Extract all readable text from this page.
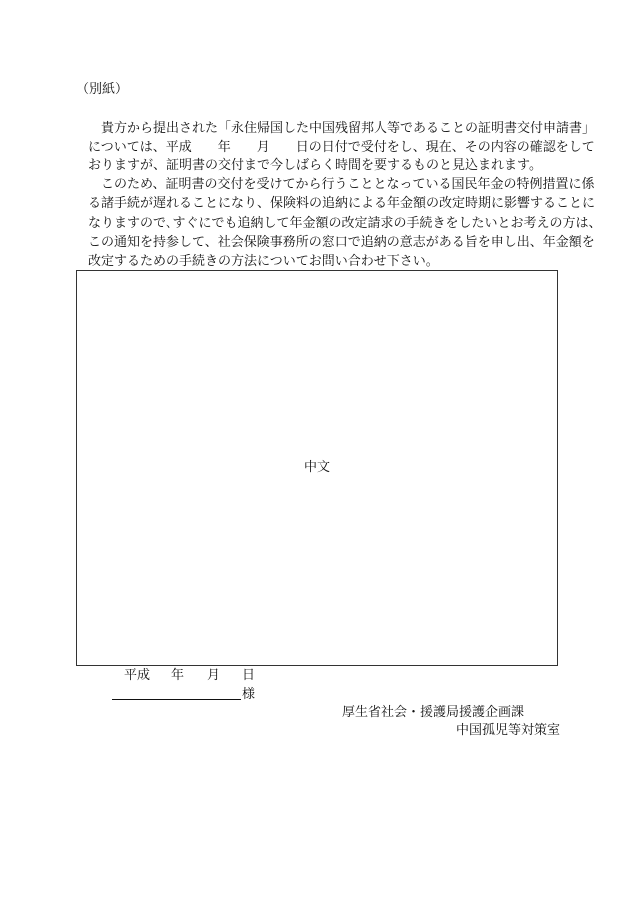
（別紙）
　貴方から提出された「永住帰国した中国残留邦人等であることの証明書交付申請書」
については、平成　　年　　月　　日の日付で受付をし、現在、その内容の確認をして
おりますが、証明書の交付まで今しばらく時間を要するものと見込まれます。
　このため、証明書の交付を受けてから行うこととなっている国民年金の特例措置に係
る諸手続が遅れることになり、保険料の追納による年金額の改定時期に影響することに
なりますので､すぐにでも追納して年金額の改定請求の手続きをしたいとお考えの方は、
この通知を持参して、社会保険事務所の窓口で追納の意志がある旨を申し出、年金額を
改定するための手続きの方法についてお問い合わせ下さい。
中文
平成 年 月 日
様
厚生省社会・援護局援護企画課
中国孤児等対策室
